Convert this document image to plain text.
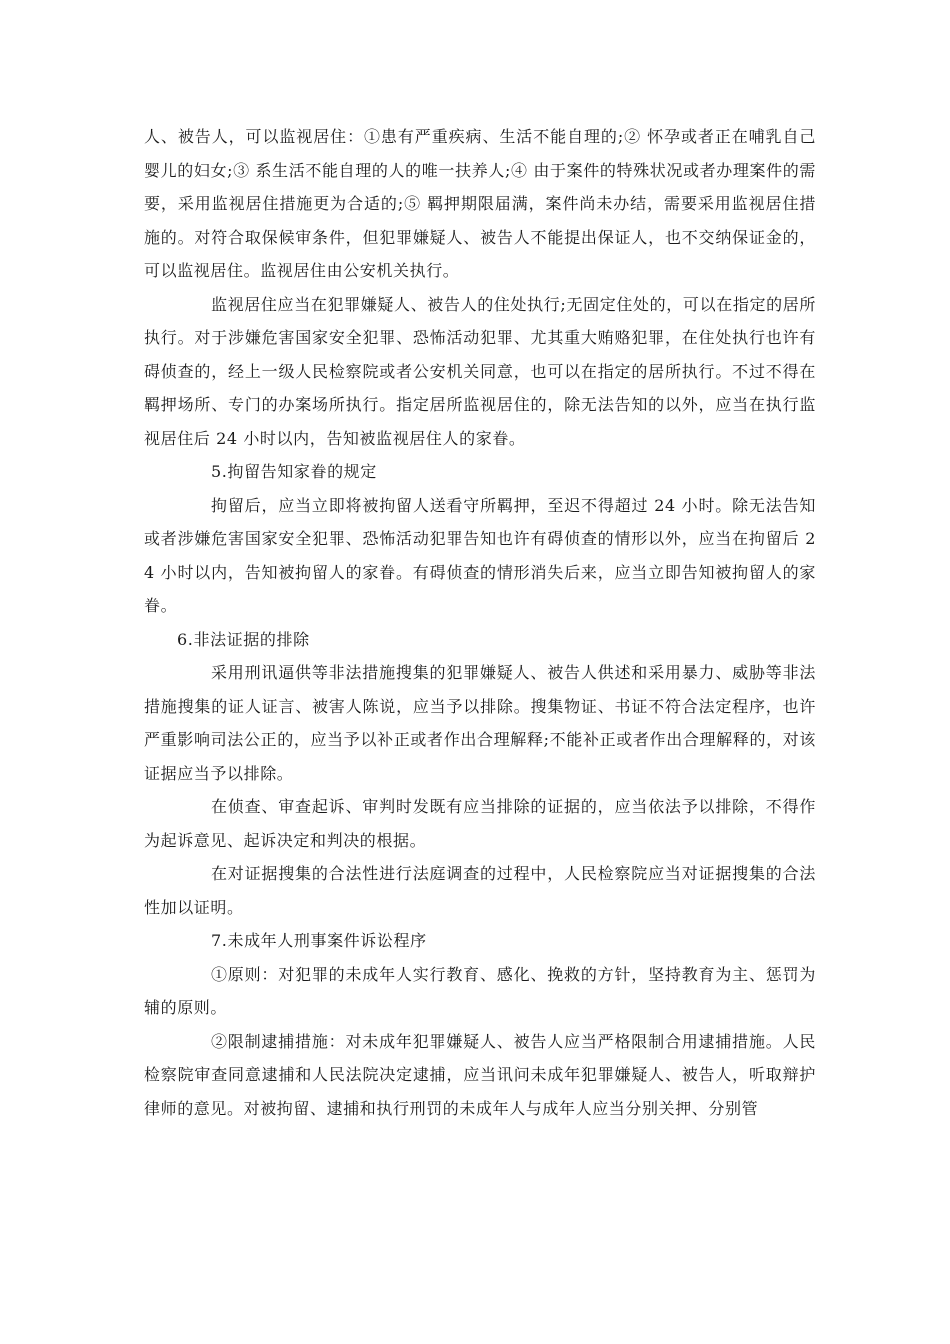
人、被告人，可以监视居住：①患有严重疾病、生活不能自理的;② 怀孕或者正在哺乳自己婴儿的妇女;③ 系生活不能自理的人的唯一扶养人;④ 由于案件的特殊状况或者办理案件的需要，采用监视居住措施更为合适的;⑤ 羁押期限届满，案件尚未办结，需要采用监视居住措施的。对符合取保候审条件，但犯罪嫌疑人、被告人不能提出保证人，也不交纳保证金的，可以监视居住。监视居住由公安机关执行。

监视居住应当在犯罪嫌疑人、被告人的住处执行;无固定住处的，可以在指定的居所执行。对于涉嫌危害国家安全犯罪、恐怖活动犯罪、尤其重大贿赂犯罪，在住处执行也许有碍侦查的，经上一级人民检察院或者公安机关同意，也可以在指定的居所执行。不过不得在羁押场所、专门的办案场所执行。指定居所监视居住的，除无法告知的以外，应当在执行监视居住后 24 小时以内，告知被监视居住人的家眷。

5.拘留告知家眷的规定

拘留后，应当立即将被拘留人送看守所羁押，至迟不得超过 24 小时。除无法告知或者涉嫌危害国家安全犯罪、恐怖活动犯罪告知也许有碍侦查的情形以外，应当在拘留后 24 小时以内，告知被拘留人的家眷。有碍侦查的情形消失后来，应当立即告知被拘留人的家眷。

6.非法证据的排除

采用刑讯逼供等非法措施搜集的犯罪嫌疑人、被告人供述和采用暴力、威胁等非法措施搜集的证人证言、被害人陈说，应当予以排除。搜集物证、书证不符合法定程序，也许严重影响司法公正的，应当予以补正或者作出合理解释;不能补正或者作出合理解释的，对该证据应当予以排除。

在侦查、审查起诉、审判时发既有应当排除的证据的，应当依法予以排除，不得作为起诉意见、起诉决定和判决的根据。

在对证据搜集的合法性进行法庭调查的过程中，人民检察院应当对证据搜集的合法性加以证明。

7.未成年人刑事案件诉讼程序

①原则：对犯罪的未成年人实行教育、感化、挽救的方针，坚持教育为主、惩罚为辅的原则。

②限制逮捕措施：对未成年犯罪嫌疑人、被告人应当严格限制合用逮捕措施。人民检察院审查同意逮捕和人民法院决定逮捕，应当讯问未成年犯罪嫌疑人、被告人，听取辩护律师的意见。对被拘留、逮捕和执行刑罚的未成年人与成年人应当分别关押、分别管
